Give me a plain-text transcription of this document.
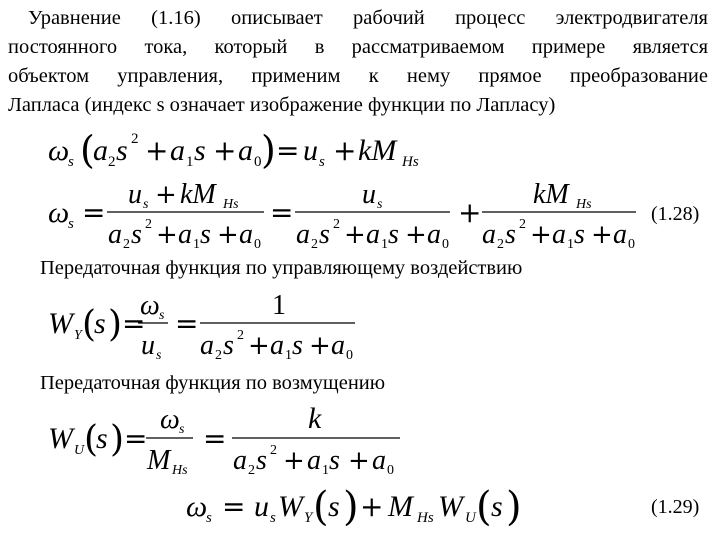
Уравнение (1.16) описывает рабочий процесс электродвигателя
постоянного тока, который в рассматриваемом примере является
объектом управления, применим к нему прямое преобразование
Лапласа (индекс s означает изображение функции по Лапласу)
ω
s (
a 2 s 2 + a 1 s + a 0 ) = u s + kM Hs
ω
s =
u s + kM Hs
a 2 s 2 + a 1 s + a 0
=
u s
a 2 s 2 + a 1 s + a 0
+
kM Hs
a 2 s 2 + a 1 s + a 0
(1.28)
Передаточная функция по управляющему воздействию
W Y (
s ) =
ω s
u s
=
1
a 2 s 2 + a 1 s + a 0
Передаточная функция по возмущению
W U (
s ) =
ω s
M Hs
=
k
a 2 s 2 + a 1 s + a 0
ω
s = u s W Y ( s ) + M Hs W U ( s )	(1.29)
